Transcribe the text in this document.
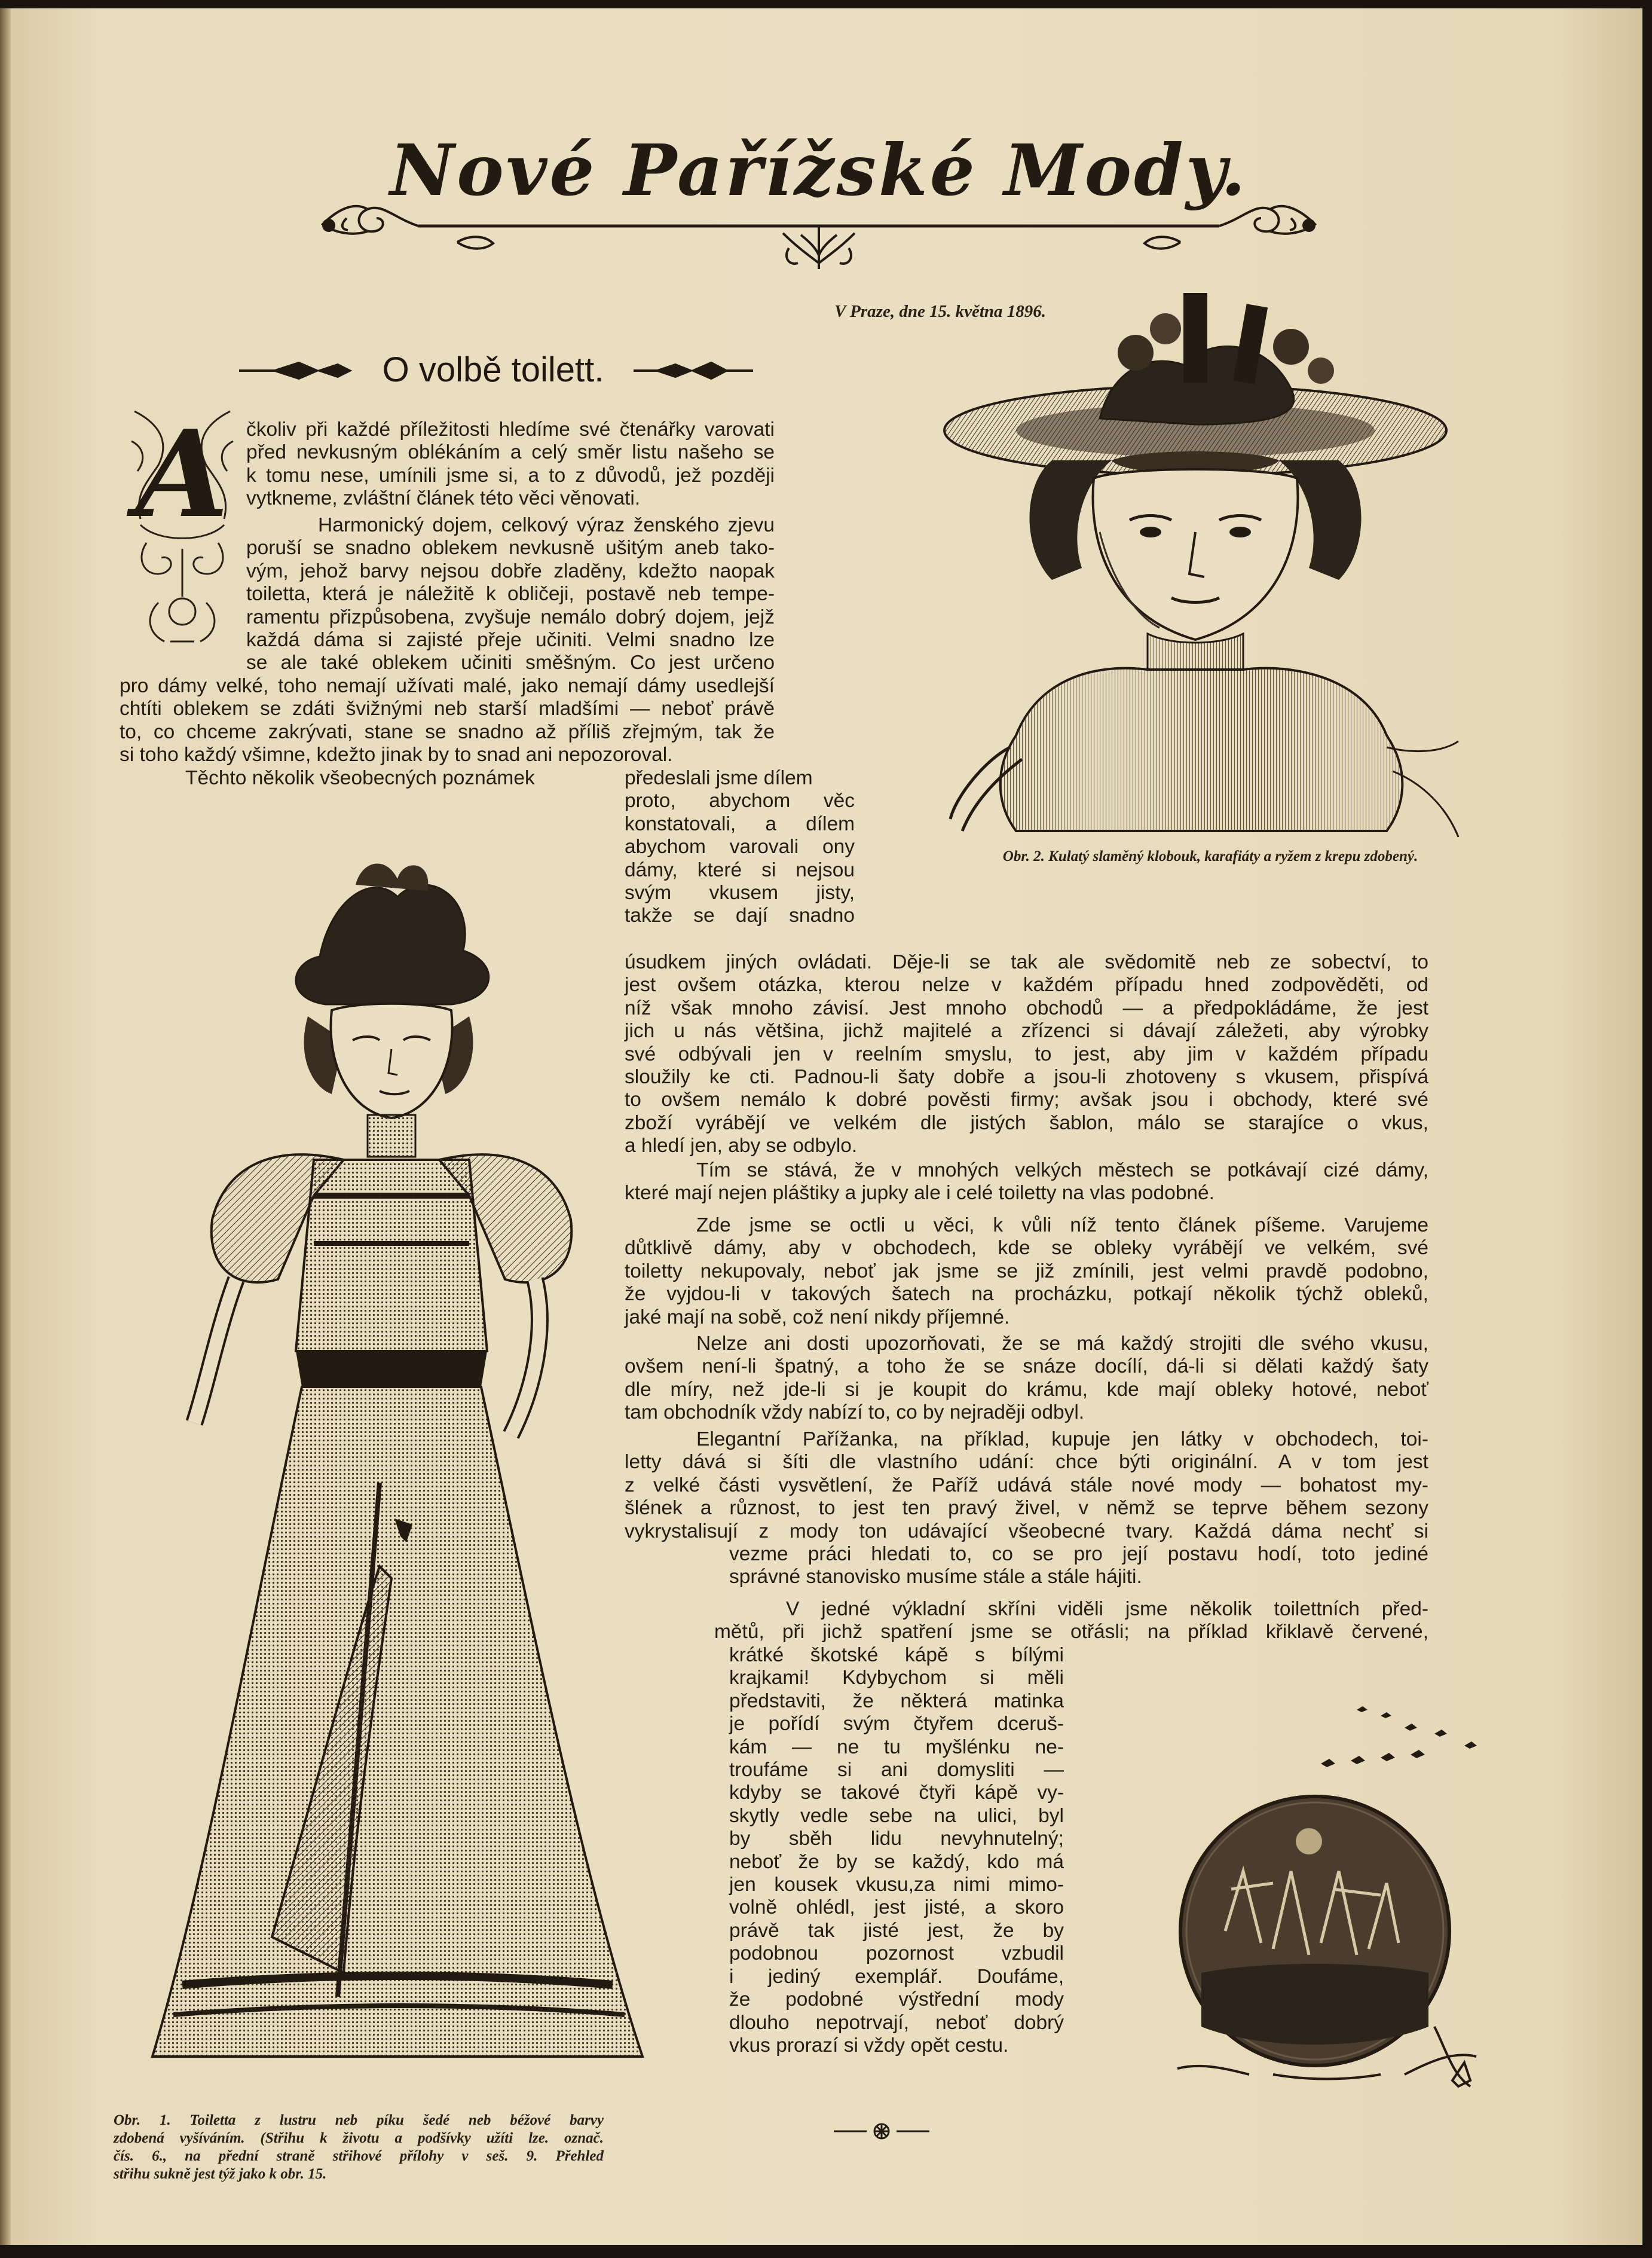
Nové Pařížské Mody.
V Praze, dne 15. května 1896.
O volbě toilett.
A
Obr. 2. Kulatý slaměný klobouk, karafiáty a ryžem z krepu zdobený.
čkoliv při každé příležitosti hledíme své čtenářky varovati
před nevkusným oblékáním a celý směr listu našeho se
k tomu nese, umínili jsme si, a to z důvodů, jež později
vytkneme, zvláštní článek této věci věnovati.
Harmonický dojem, celkový výraz ženského zjevu
poruší se snadno oblekem nevkusně ušitým aneb tako-
vým, jehož barvy nejsou dobře zladěny, kdežto naopak
toiletta, která je náležitě k obličeji, postavě neb tempe-
ramentu přizpůsobena, zvyšuje nemálo dobrý dojem, jejž
každá dáma si zajisté přeje učiniti. Velmi snadno lze
se ale také oblekem učiniti směšným. Co jest určeno
pro dámy velké, toho nemají užívati malé, jako nemají dámy usedlejší
chtíti oblekem se zdáti švižnými neb starší mladšími — neboť právě
to, co chceme zakrývati, stane se snadno až příliš zřejmým, tak že
si toho každý všimne, kdežto jinak by to snad ani nepozoroval.
Těchto několik všeobecných poznámek	předeslali jsme dílem
proto, abychom věc
konstatovali, a dílem
abychom varovali ony
dámy, které si nejsou
svým vkusem jisty,
takže se dají snadno
úsudkem jiných ovládati. Děje-li se tak ale svědomitě neb ze sobectví, to
jest ovšem otázka, kterou nelze v každém případu hned zodpověděti, od
níž však mnoho závisí. Jest mnoho obchodů — a předpokládáme, že jest
jich u nás většina, jichž majitelé a zřízenci si dávají záležeti, aby výrobky
své odbývali jen v reelním smyslu, to jest, aby jim v každém případu
sloužily ke cti. Padnou-li šaty dobře a jsou-li zhotoveny s vkusem, přispívá
to ovšem nemálo k dobré pověsti firmy; avšak jsou i obchody, které své
zboží vyrábějí ve velkém dle jistých šablon, málo se starajíce o vkus,
a hledí jen, aby se odbylo.
Tím se stává, že v mnohých velkých městech se potkávají cizé dámy,
které mají nejen pláštiky a jupky ale i celé toiletty na vlas podobné.
Zde jsme se octli u věci, k vůli níž tento článek píšeme. Varujeme
důtklivě dámy, aby v obchodech, kde se obleky vyrábějí ve velkém, své
toiletty nekupovaly, neboť jak jsme se již zmínili, jest velmi pravdě podobno,
že vyjdou-li v takových šatech na procházku, potkají několik týchž obleků,
jaké mají na sobě, což není nikdy příjemné.
Nelze ani dosti upozorňovati, že se má každý strojiti dle svého vkusu,
ovšem není-li špatný, a toho že se snáze docílí, dá-li si dělati každý šaty
dle míry, než jde-li si je koupit do krámu, kde mají obleky hotové, neboť
tam obchodník vždy nabízí to, co by nejraději odbyl.
Elegantní Pařížanka, na příklad, kupuje jen látky v obchodech, toi-
letty dává si šíti dle vlastního udání: chce býti originální. A v tom jest
z velké části vysvětlení, že Paříž udává stále nové mody — bohatost my-
šlének a různost, to jest ten pravý živel, v němž se teprve během sezony
vykrystalisují z mody ton udávající všeobecné tvary. Každá dáma nechť si
vezme práci hledati to, co se pro její postavu hodí, toto jediné
správné stanovisko musíme stále a stále hájiti.
V jedné výkladní skříni viděli jsme několik toilettních před-
mětů, při jichž spatření jsme se otřásli; na příklad křiklavě červené,
krátké škotské kápě s bílými
krajkami! Kdybychom si měli
představiti, že některá matinka
je pořídí svým čtyřem dceruš-
kám — ne tu myšlénku ne-
troufáme si ani domysliti —
kdyby se takové čtyři kápě vy-
skytly vedle sebe na ulici, byl
by sběh lidu nevyhnutelný;
neboť že by se každý, kdo má
jen kousek vkusu,za nimi mimo-
volně ohlédl, jest jisté, a skoro
právě tak jisté jest, že by
podobnou pozornost vzbudil
i jediný exemplář. Doufáme,
že podobné výstřední mody
dlouho nepotrvají, neboť dobrý
vkus prorazí si vždy opět cestu.
Obr. 1. Toiletta z lustru neb píku šedé neb béžové barvy
zdobená vyšíváním. (Střihu k životu a podšívky užíti lze. označ.
čís. 6., na přední straně střihové přílohy v seš. 9. Přehled
střihu sukně jest týž jako k obr. 15.
